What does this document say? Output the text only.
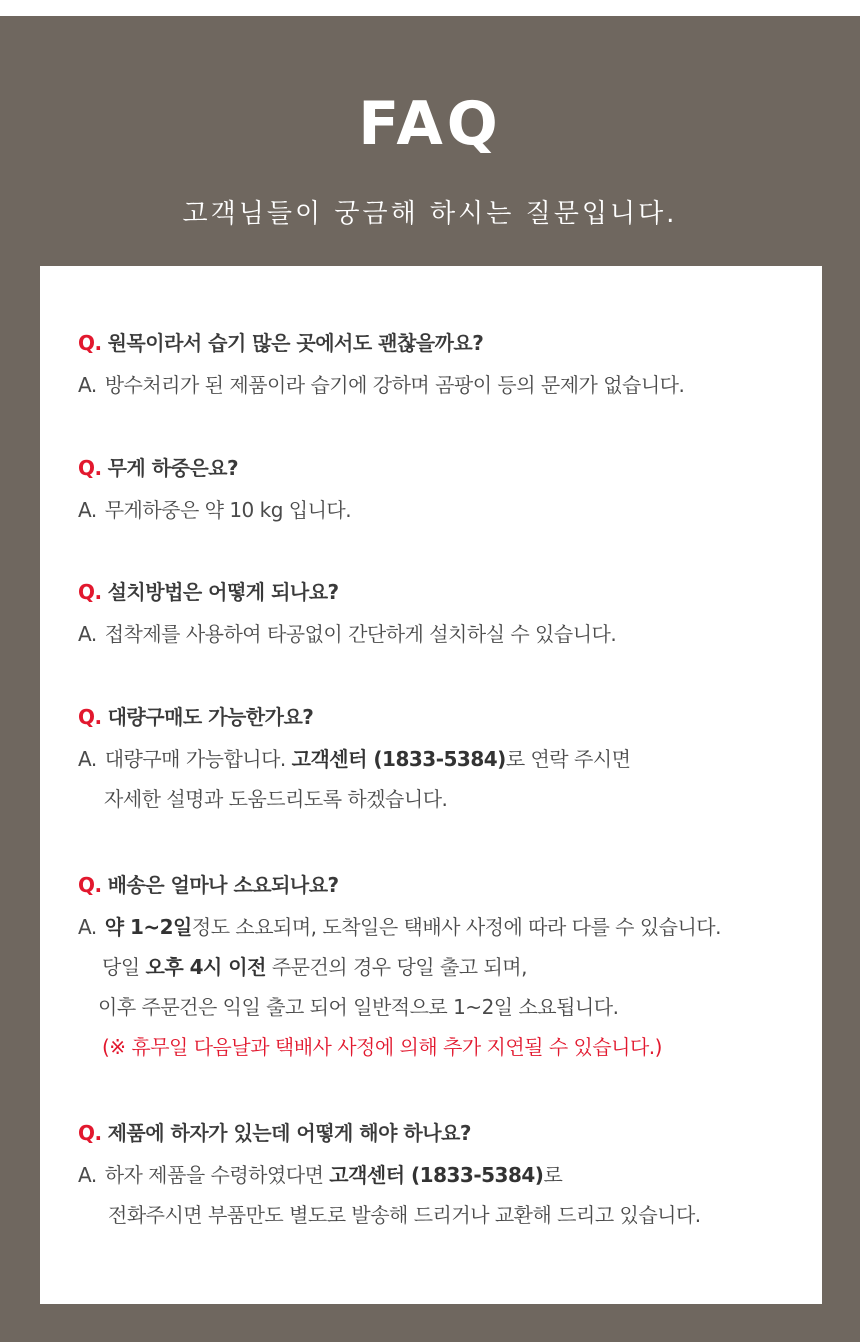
FAQ
고객님들이 궁금해 하시는 질문입니다.
Q. 원목이라서 습기 많은 곳에서도 괜찮을까요?
A. 방수처리가 된 제품이라 습기에 강하며 곰팡이 등의 문제가 없습니다.
Q. 무게 하중은요?
A. 무게하중은 약 10 kg 입니다.
Q. 설치방법은 어떻게 되나요?
A. 접착제를 사용하여 타공없이 간단하게 설치하실 수 있습니다.
Q. 대량구매도 가능한가요?
A. 대량구매 가능합니다. 고객센터 (1833-5384)로 연락 주시면
자세한 설명과 도움드리도록 하겠습니다.
Q. 배송은 얼마나 소요되나요?
A. 약 1~2일정도 소요되며, 도착일은 택배사 사정에 따라 다를 수 있습니다.
당일 오후 4시 이전 주문건의 경우 당일 출고 되며,
이후 주문건은 익일 출고 되어 일반적으로 1~2일 소요됩니다.
(※ 휴무일 다음날과 택배사 사정에 의해 추가 지연될 수 있습니다.)
Q. 제품에 하자가 있는데 어떻게 해야 하나요?
A. 하자 제품을 수령하였다면 고객센터 (1833-5384)로
전화주시면 부품만도 별도로 발송해 드리거나 교환해 드리고 있습니다.
